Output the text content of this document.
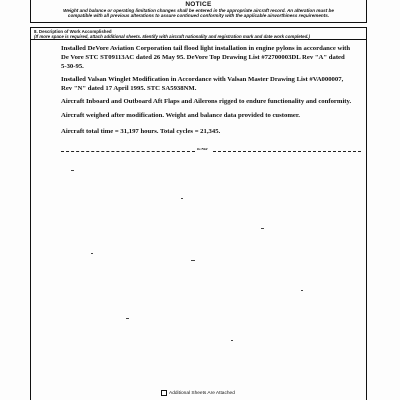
NOTICE
Weight and balance or operating limitation changes shall be entered in the appropriate aircraft record. An alteration must be
compatible with all previous alterations to assure continued conformity with the applicable airworthiness requirements.
8. Description of Work Accomplished
(If more space is required, attach additional sheets. Identify with aircraft nationality and registration mark and date work completed.)
Installed DeVore Aviation Corporation tail flood light installation in engine pylons in accordance with
De Vore STC ST09113AC dated 26 May 95. DeVore Top Drawing List #72700003DL Rev "A" dated
5-30-95.
Installed Valsan Winglet Modification in Accordance with Valsan Master Drawing List #VA000007,
Rev "N" dated 17 April 1995. STC SA5938NM.
Aircraft Inboard and Outboard Aft Flaps and Ailerons rigged to endure functionality and conformity.
Aircraft weighed after modification. Weight and balance data provided to customer.
Aircraft total time = 31,197 hours. Total cycles = 21,345.
END
Additional Sheets Are Attached
